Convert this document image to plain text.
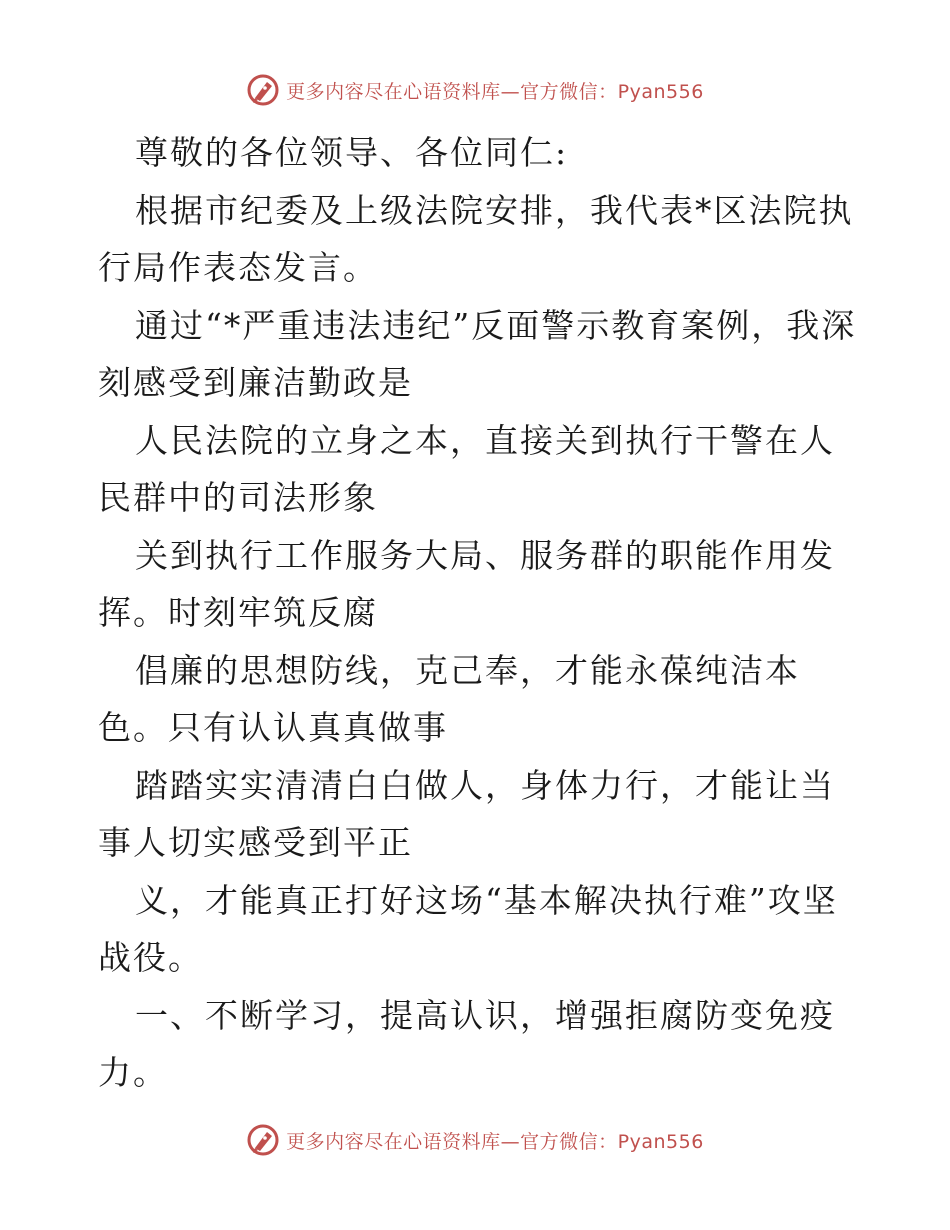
更多内容尽在心语资料库—官方微信：Pyan556

尊敬的各位领导、各位同仁:

根据市纪委及上级法院安排，我代表*区法院执行局作表态发言。

通过“*严重违法违纪”反面警示教育案例，我深刻感受到廉洁勤政是

人民法院的立身之本，直接关到执行干警在人民群中的司法形象

关到执行工作服务大局、服务群的职能作用发挥。时刻牢筑反腐

倡廉的思想防线，克己奉，才能永葆纯洁本色。只有认认真真做事

踏踏实实清清白白做人，身体力行，才能让当事人切实感受到平正

义，才能真正打好这场“基本解决执行难”攻坚战役。

一、不断学习，提高认识，增强拒腐防变免疫力。

更多内容尽在心语资料库—官方微信：Pyan556
